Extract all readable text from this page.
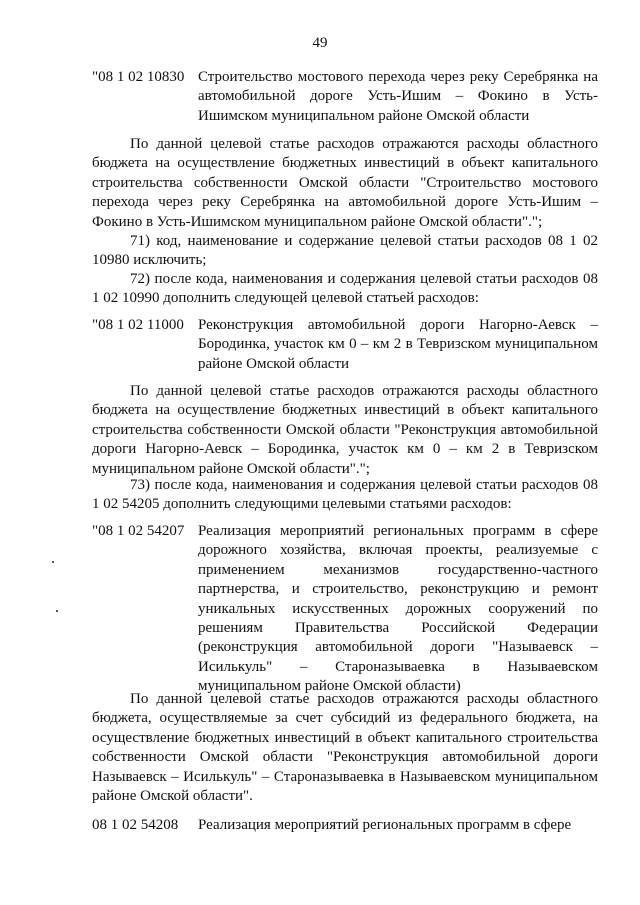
49
"08 1 02 10830 Строительство мостового перехода через реку Серебрянка на автомобильной дороге Усть-Ишим – Фокино в Усть-Ишимском муниципальном районе Омской области
По данной целевой статье расходов отражаются расходы областного бюджета на осуществление бюджетных инвестиций в объект капитального строительства собственности Омской области "Строительство мостового перехода через реку Серебрянка на автомобильной дороге Усть-Ишим – Фокино в Усть-Ишимском муниципальном районе Омской области".";
71) код, наименование и содержание целевой статьи расходов 08 1 02 10980 исключить;
72) после кода, наименования и содержания целевой статьи расходов 08 1 02 10990 дополнить следующей целевой статьей расходов:
"08 1 02 11000 Реконструкция автомобильной дороги Нагорно-Аевск – Бородинка, участок км 0 – км 2 в Тевризском муниципальном районе Омской области
По данной целевой статье расходов отражаются расходы областного бюджета на осуществление бюджетных инвестиций в объект капитального строительства собственности Омской области "Реконструкция автомобильной дороги Нагорно-Аевск – Бородинка, участок км 0 – км 2 в Тевризском муниципальном районе Омской области".";
73) после кода, наименования и содержания целевой статьи расходов 08 1 02 54205 дополнить следующими целевыми статьями расходов:
"08 1 02 54207 Реализация мероприятий региональных программ в сфере дорожного хозяйства, включая проекты, реализуемые с применением механизмов государственно-частного партнерства, и строительство, реконструкцию и ремонт уникальных искусственных дорожных сооружений по решениям Правительства Российской Федерации (реконструкция автомобильной дороги "Называевск – Исилькуль" – Староназываевка в Называевском муниципальном районе Омской области)
По данной целевой статье расходов отражаются расходы областного бюджета, осуществляемые за счет субсидий из федерального бюджета, на осуществление бюджетных инвестиций в объект капитального строительства собственности Омской области "Реконструкция автомобильной дороги Называевск – Исилькуль" – Староназываевка в Называевском муниципальном районе Омской области".
08 1 02 54208 Реализация мероприятий региональных программ в сфере
